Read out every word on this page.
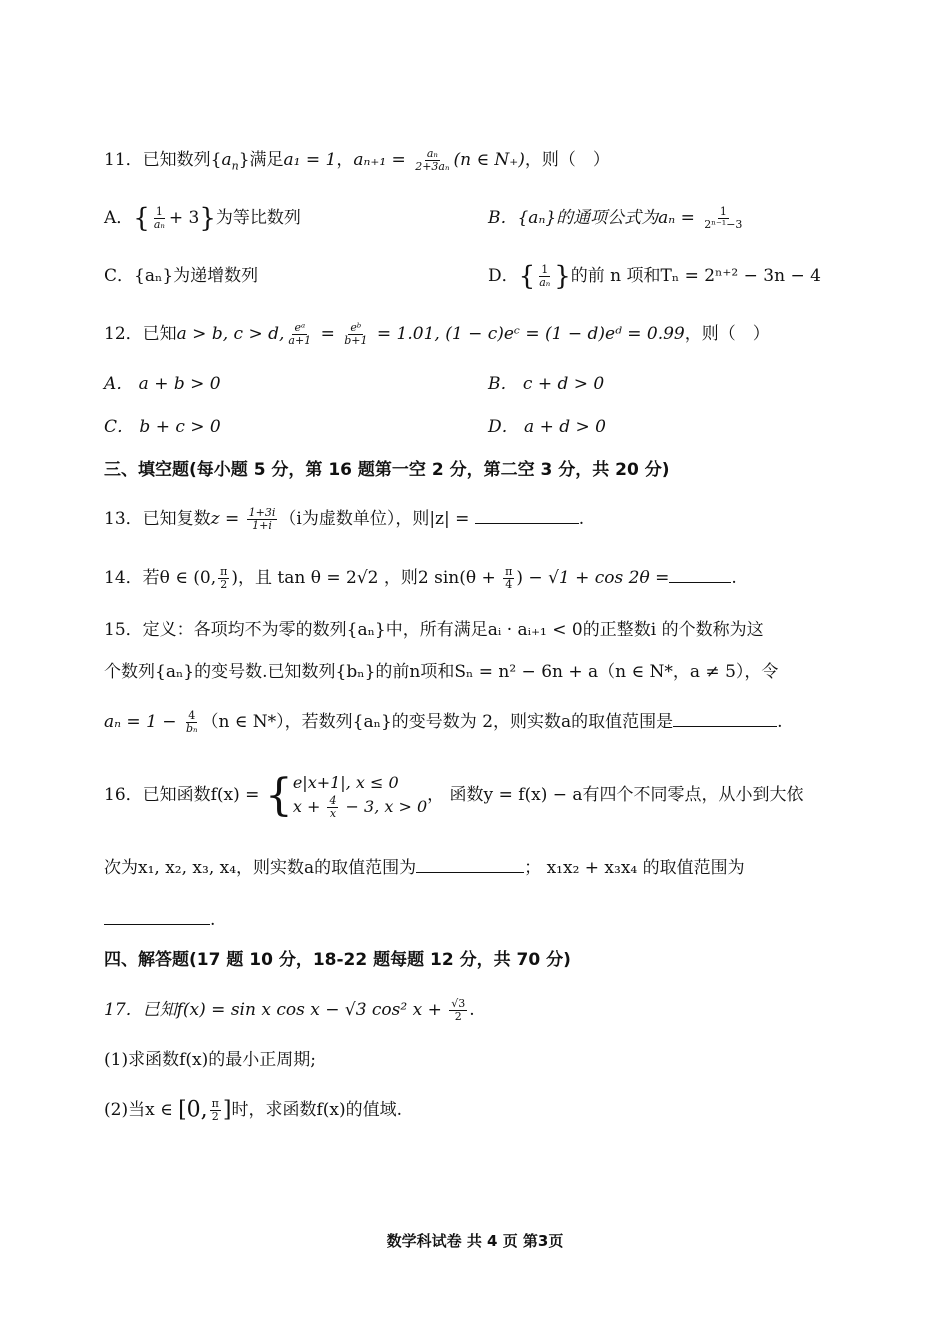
11．已知数列$\{a_n\}$满足a₁ = 1，$a_{n+1} = \frac{\text{aₙ}}{\text{2+3aₙ}} (n$ ∈ N₊)，则（　）
A．{ $\frac{1}{\text{aₙ}} + 3$}为等比数列	B．{aₙ}的通项公式为$a_n = \frac{1}{\text{2ⁿ⁻¹−3}}$
C．{aₙ}为递增数列	D．{ $\frac{1}{\text{aₙ}}$ }的前 n 项和Tₙ = 2ⁿ⁺² − 3n − 4
12．已知a > b, c > d, $\frac{\text{eᵃ}}{a+1} = \frac{\text{eᵇ}}{b+1} = 1.01$, (1 − c)eᶜ = (1 − d)eᵈ = 0.99，则（　）
A． a + b > 0	B． c + d > 0
C． b + c > 0	D． a + d > 0
三、填空题(每小题 5 分，第 16 题第一空 2 分，第二空 3 分，共 20 分)
13．已知复数$z = \frac{1+3i}{1+i} (i$为虚数单位），则|z| =	.
14．若θ ∈ (0, $\frac{\pi}{2}$ )，且 tan θ = 2√2 ，则2 $\sin(\theta + \frac{\pi}{4}$ ) − √1 + cos 2θ =	.
15．定义：各项均不为零的数列{aₙ}中，所有满足aᵢ · aᵢ₊₁ < 0的正整数i 的个数称为这
个数列{aₙ}的变号数.已知数列{bₙ}的前n项和Sₙ = n² − 6n + a（n ∈ N*，a ≠ 5），令
$a_n = 1 - \frac{4}{\text{bₙ}} (n$ ∈ N*），若数列{aₙ}的变号数为 2，则实数a的取值范围是	.
16．已知函数f(x) = { e|x+1|, x ≤ 0
$x + \frac{4}{x} - 3$, x > 0
， 函数y = f(x) − a有四个不同零点，从小到大依
次为x₁, x₂, x₃, x₄，则实数a的取值范围为	； x₁x₂ + x₃x₄ 的取值范围为
.
四、解答题(17 题 10 分，18-22 题每题 12 分，共 70 分)
17．已知f(x) = sin x cos x − √3 cos² $x + \frac{√3}{2}$ .
(1)求函数f(x)的最小正周期;
(2)当x ∈ [0, $\frac{\pi}{2}$ ]时，求函数f(x)的值域.
数学科试卷 共 4 页 第3页
